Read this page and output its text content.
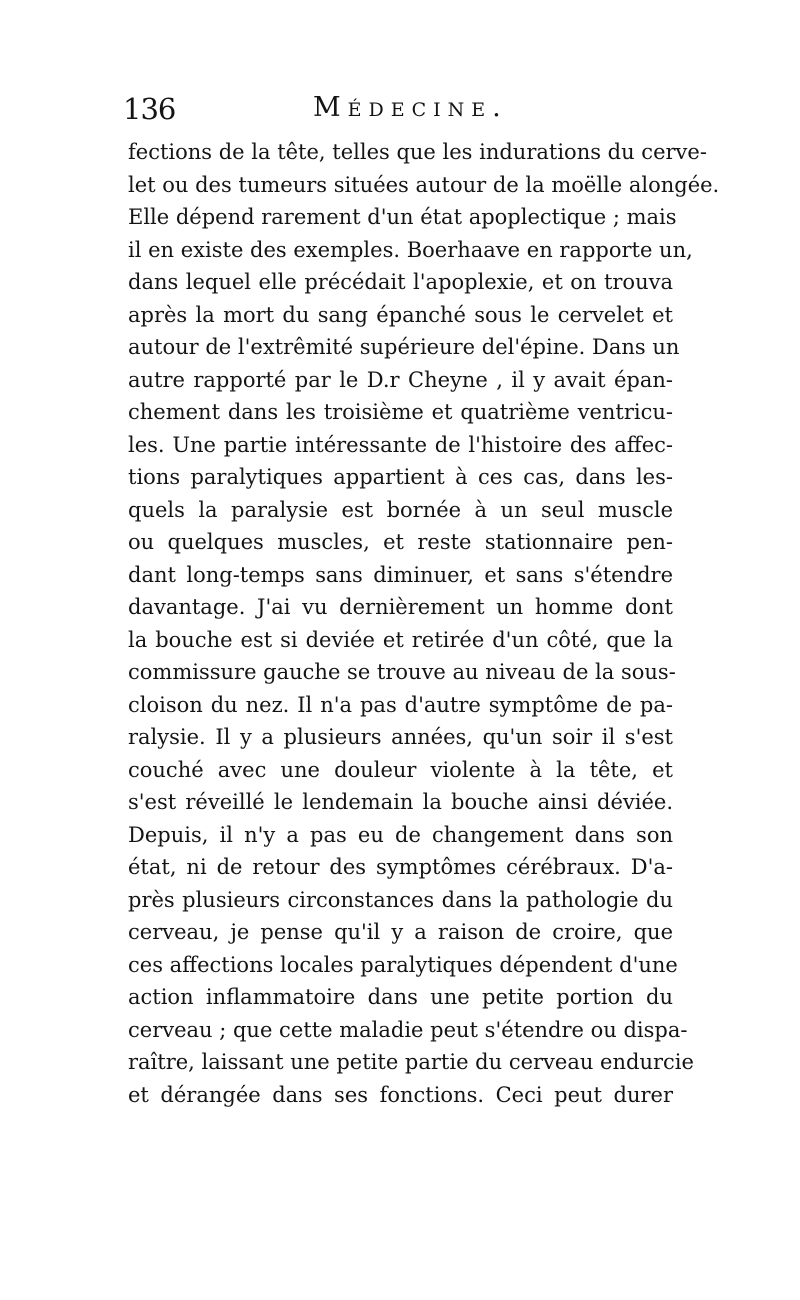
136	Médecine.
fections de la tête, telles que les indurations du cerve-
let ou des tumeurs situées autour de la moëlle alongée.
Elle dépend rarement d'un état apoplectique ; mais
il en existe des exemples. Boerhaave en rapporte un,
dans lequel elle précédait l'apoplexie, et on trouva
après la mort du sang épanché sous le cervelet et
autour de l'extrêmité supérieure del'épine. Dans un
autre rapporté par le D.r Cheyne , il y avait épan-
chement dans les troisième et quatrième ventricu-
les. Une partie intéressante de l'histoire des affec-
tions paralytiques appartient à ces cas, dans les-
quels la paralysie est bornée à un seul muscle
ou quelques muscles, et reste stationnaire pen-
dant long-temps sans diminuer, et sans s'étendre
davantage. J'ai vu dernièrement un homme dont
la bouche est si deviée et retirée d'un côté, que la
commissure gauche se trouve au niveau de la sous-
cloison du nez. Il n'a pas d'autre symptôme de pa-
ralysie. Il y a plusieurs années, qu'un soir il s'est
couché avec une douleur violente à la tête, et
s'est réveillé le lendemain la bouche ainsi déviée.
Depuis, il n'y a pas eu de changement dans son
état, ni de retour des symptômes cérébraux. D'a-
près plusieurs circonstances dans la pathologie du
cerveau, je pense qu'il y a raison de croire, que
ces affections locales paralytiques dépendent d'une
action inflammatoire dans une petite portion du
cerveau ; que cette maladie peut s'étendre ou dispa-
raître, laissant une petite partie du cerveau endurcie
et dérangée dans ses fonctions. Ceci peut durer
